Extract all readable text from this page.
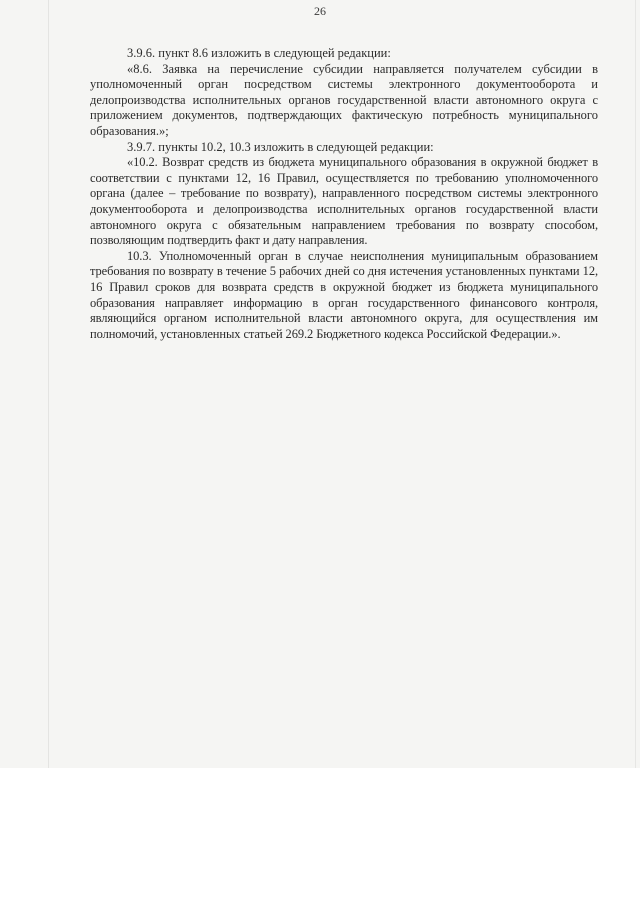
26

3.9.6. пункт 8.6 изложить в следующей редакции:

«8.6. Заявка на перечисление субсидии направляется получателем субсидии в уполномоченный орган посредством системы электронного документооборота и делопроизводства исполнительных органов государственной власти автономного округа с приложением документов, подтверждающих фактическую потребность муниципального образования.»;

3.9.7. пункты 10.2, 10.3 изложить в следующей редакции:

«10.2. Возврат средств из бюджета муниципального образования в окружной бюджет в соответствии с пунктами 12, 16 Правил, осуществляется по требованию уполномоченного органа (далее – требование по возврату), направленного посредством системы электронного документооборота и делопроизводства исполнительных органов государственной власти автономного округа с обязательным направлением требования по возврату способом, позволяющим подтвердить факт и дату направления.

10.3. Уполномоченный орган в случае неисполнения муниципальным образованием требования по возврату в течение 5 рабочих дней со дня истечения установленных пунктами 12, 16 Правил сроков для возврата средств в окружной бюджет из бюджета муниципального образования направляет информацию в орган государственного финансового контроля, являющийся органом исполнительной власти автономного округа, для осуществления им полномочий, установленных статьей 269.2 Бюджетного кодекса Российской Федерации.».
